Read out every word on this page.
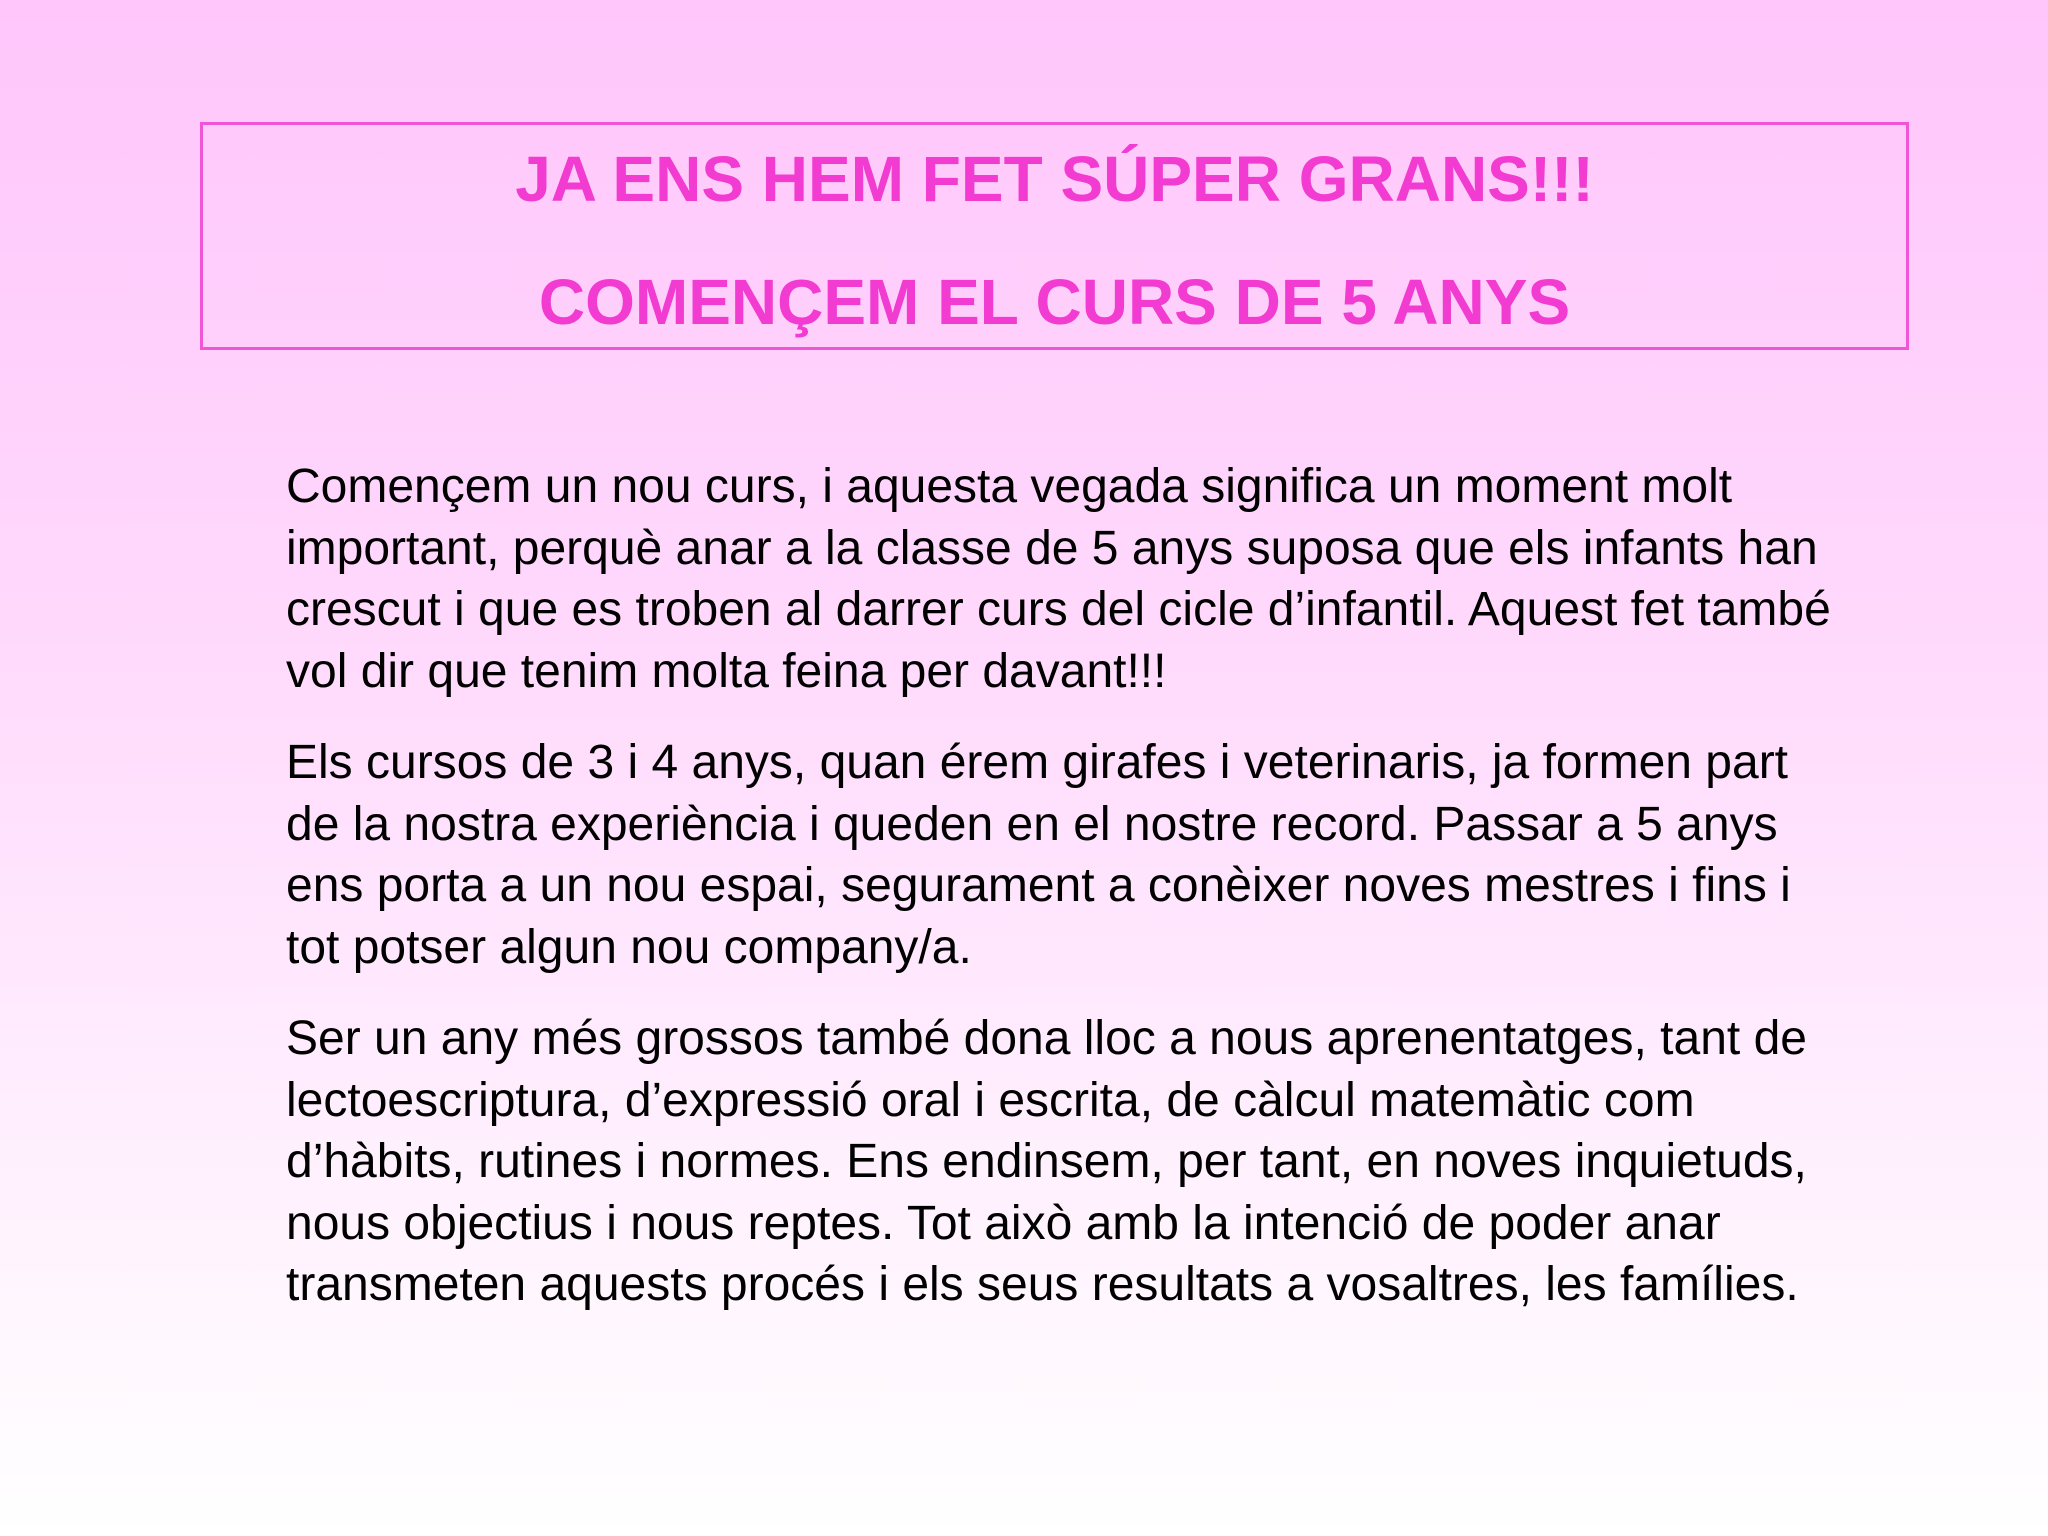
JA ENS HEM FET SÚPER GRANS!!!
COMENÇEM EL CURS DE 5 ANYS

Començem un nou curs, i aquesta vegada significa un moment molt important, perquè anar a la classe de 5 anys suposa que els infants han crescut i que es troben al darrer curs del cicle d’infantil. Aquest fet també vol dir que tenim molta feina per davant!!!

Els cursos de 3 i 4 anys, quan érem girafes i veterinaris, ja formen part de la nostra experiència i queden en el nostre record. Passar a 5 anys ens porta a un nou espai, segurament a conèixer noves mestres i fins i tot potser algun nou company/a.

Ser un any més grossos també dona lloc a nous aprenentatges, tant de lectoescriptura, d’expressió oral i escrita, de càlcul matemàtic com d’hàbits, rutines i normes. Ens endinsem, per tant, en noves inquietuds, nous objectius i nous reptes. Tot això amb la intenció de poder anar transmeten aquests procés i els seus resultats a vosaltres, les famílies.
